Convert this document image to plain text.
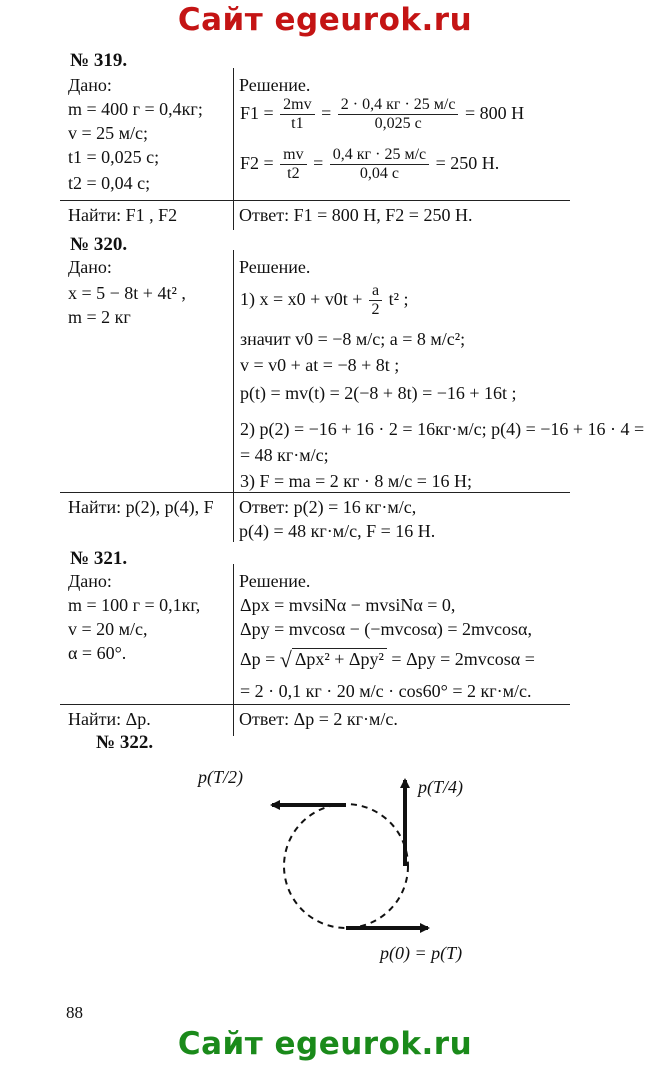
Сайт egeurok.ru
№ 319.
Дано:
m = 400 г = 0,4кг;
v = 25 м/с;
t1 = 0,025 с;
t2 = 0,04 с;
Решение.
$F1 = \frac{2mv}{t1} = \frac{2 \cdot 0,4 кг \cdot 25 м/с}{0,025 с} = 800$ Н
$F2 = \frac{mv}{t2} = \frac{0,4 кг \cdot 25 м/с}{0,04 с} = 250$ Н.
Найти: F1 , F2	Ответ: F1 = 800 Н, F2 = 250 Н.
№ 320.
Дано:
x = 5 − 8t + 4t² ,
m = 2 кг
Решение.
1) $x = x0 + v0t + \frac{a}{2} t^2$ ;
значит v0 = −8 м/с; a = 8 м/с²;
v = v0 + at = −8 + 8t ;
p(t) = mv(t) = 2(−8 + 8t) = −16 + 16t ;
2) p(2) = −16 + 16 · 2 = 16кг·м/с; p(4) = −16 + 16 · 4 =
= 48 кг·м/с;
3) F = ma = 2 кг · 8 м/с = 16 Н;
Найти: p(2), p(4), F Ответ: p(2) = 16 кг·м/с,
p(4) = 48 кг·м/с, F = 16 Н.
№ 321.
Дано:
m = 100 г = 0,1кг,
v = 20 м/с,
α = 60°.
Решение.
Δpx = mvsiNα − mvsiNα = 0,
Δpy = mvcosα − (−mvcosα) = 2mvcosα,
Δp = √ Δpx² + Δpy² = Δpy = 2mvcosα =
= 2 · 0,1 кг · 20 м/с · cos60° = 2 кг·м/с.
Найти: Δp.	Ответ: Δp = 2 кг·м/с.
№ 322.
p(T/2)	p(T/4)
p(0) = p(T)
88
Сайт egeurok.ru
